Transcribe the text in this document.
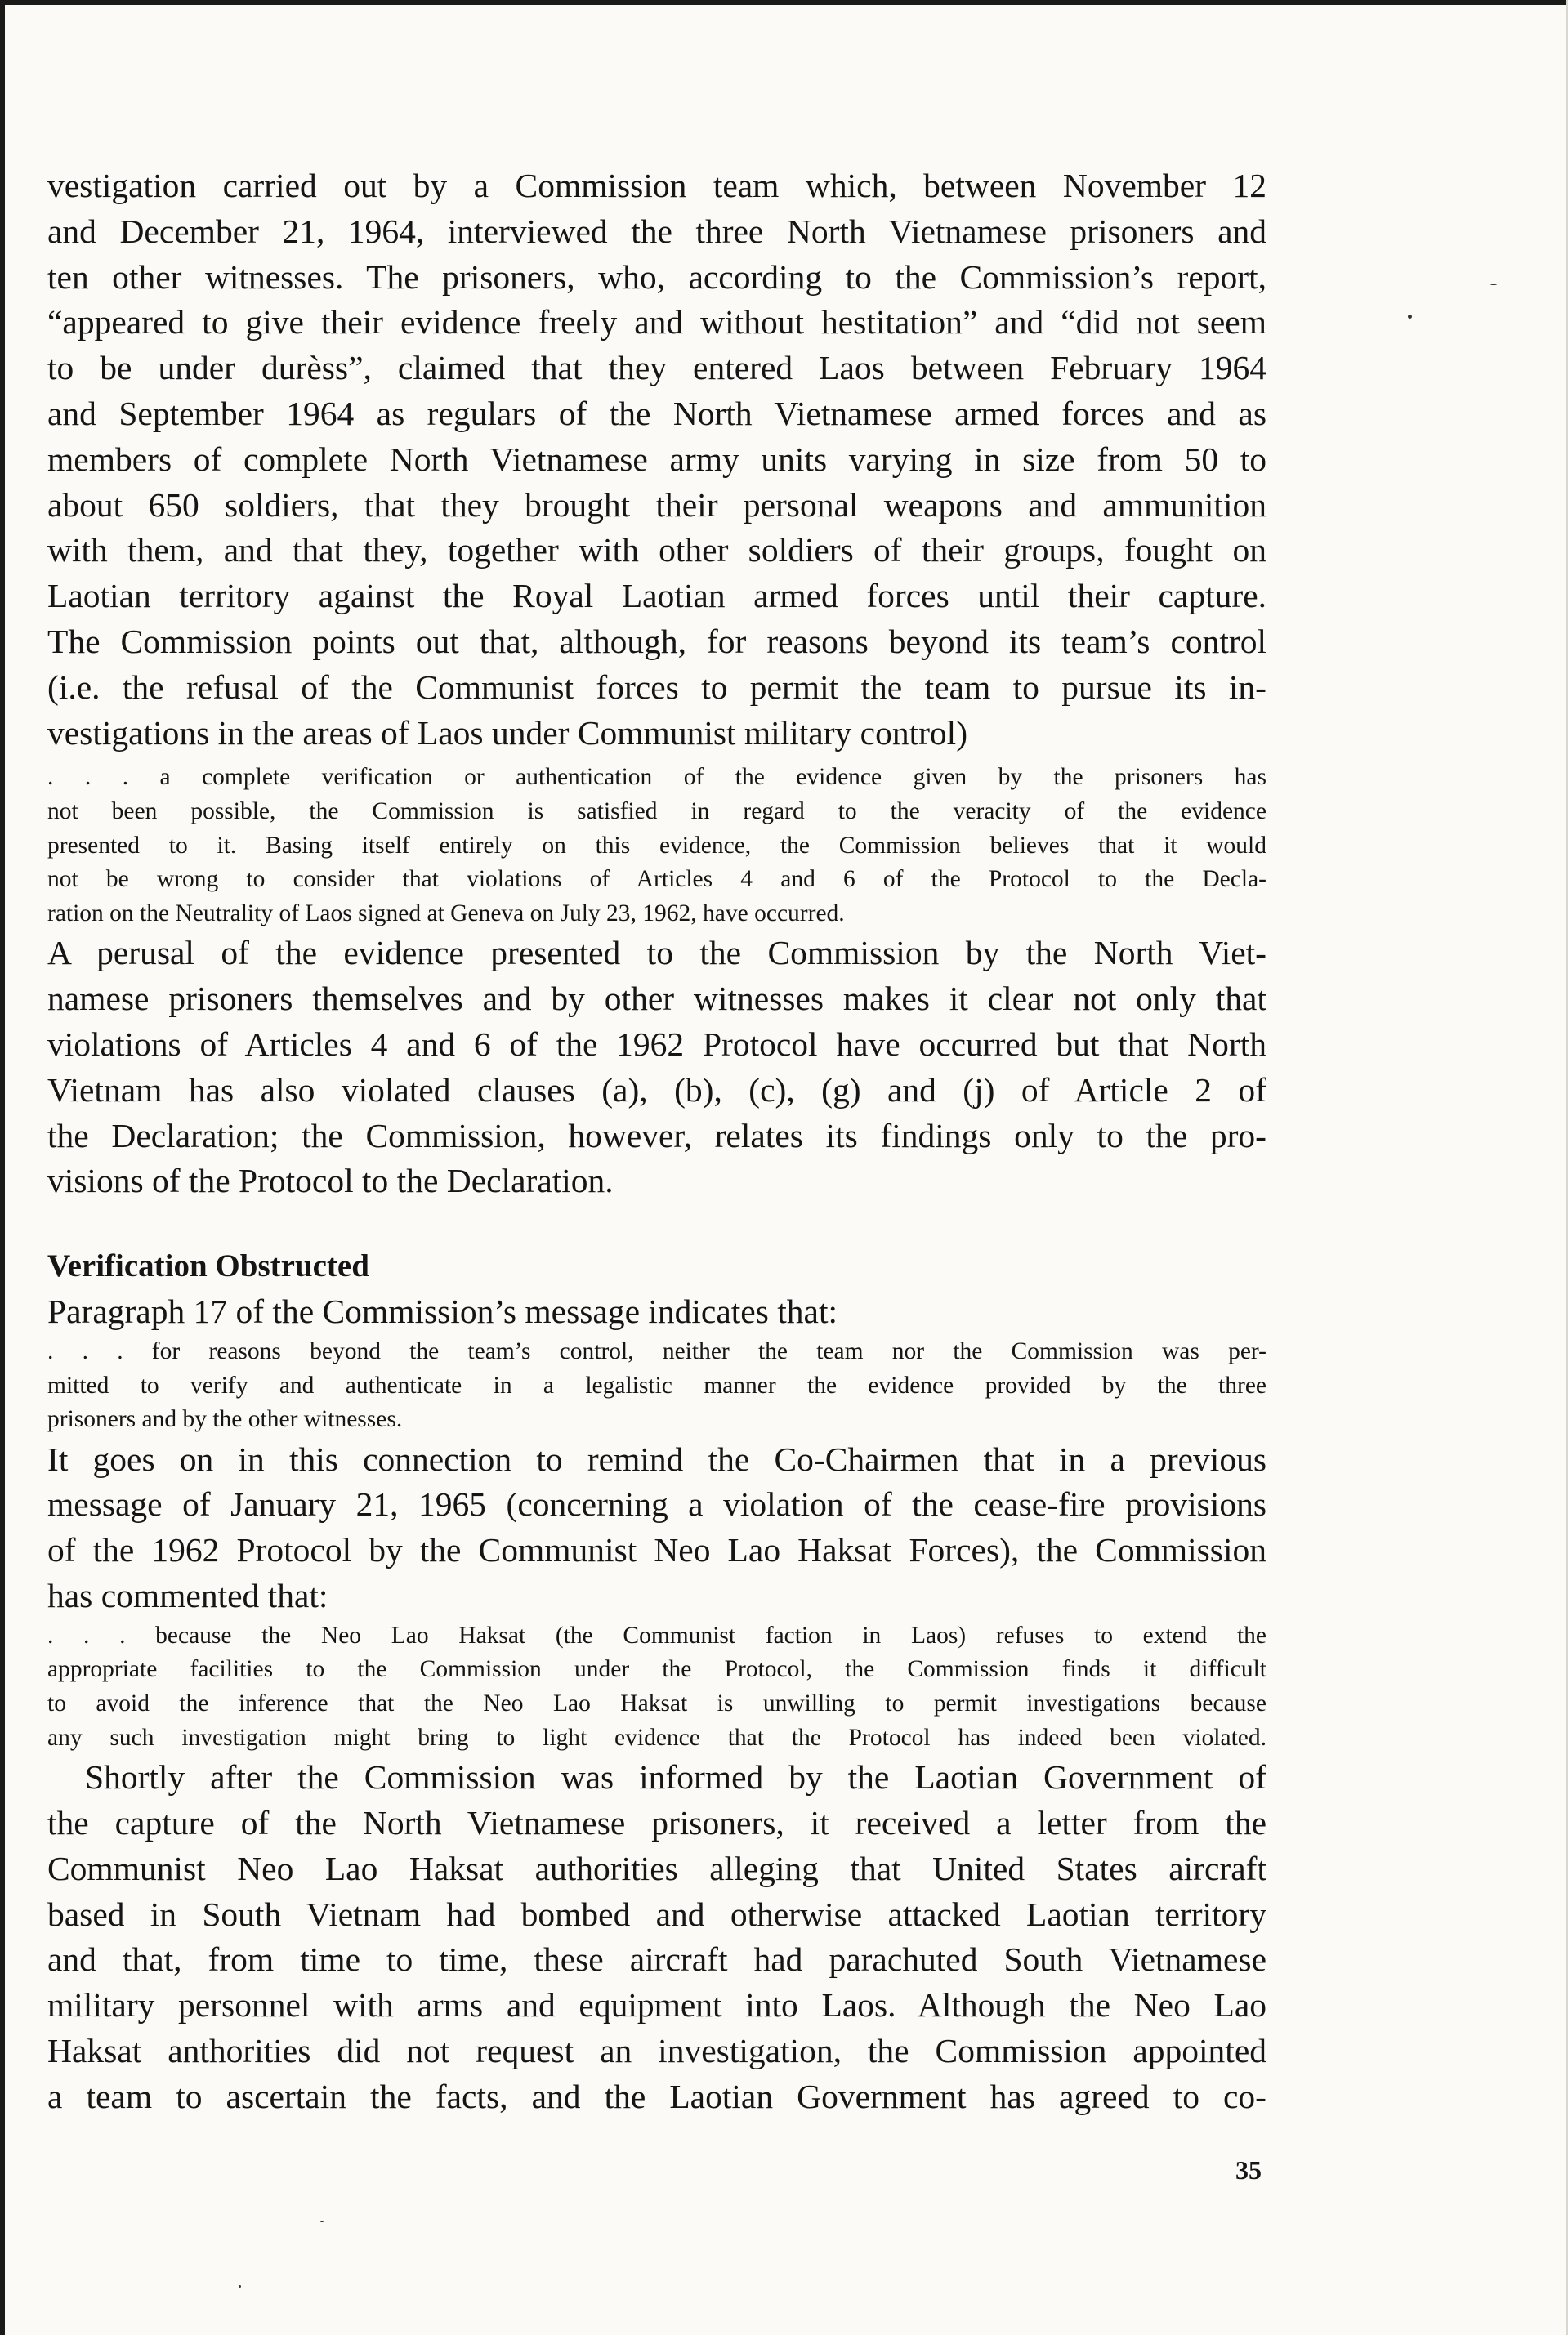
vestigation carried out by a Commission team which, between November 12
and December 21, 1964, interviewed the three North Vietnamese prisoners and
ten other witnesses. The prisoners, who, according to the Commission’s report,
“appeared to give their evidence freely and without hestitation” and “did not seem
to be under durèss”, claimed that they entered Laos between February 1964
and September 1964 as regulars of the North Vietnamese armed forces and as
members of complete North Vietnamese army units varying in size from 50 to
about 650 soldiers, that they brought their personal weapons and ammunition
with them, and that they, together with other soldiers of their groups, fought on
Laotian territory against the Royal Laotian armed forces until their capture.
The Commission points out that, although, for reasons beyond its team’s control
(i.e. the refusal of the Communist forces to permit the team to pursue its in-
vestigations in the areas of Laos under Communist military control)
. . . a complete verification or authentication of the evidence given by the prisoners has
not been possible, the Commission is satisfied in regard to the veracity of the evidence
presented to it. Basing itself entirely on this evidence, the Commission believes that it would
not be wrong to consider that violations of Articles 4 and 6 of the Protocol to the Decla-
ration on the Neutrality of Laos signed at Geneva on July 23, 1962, have occurred.
A perusal of the evidence presented to the Commission by the North Viet-
namese prisoners themselves and by other witnesses makes it clear not only that
violations of Articles 4 and 6 of the 1962 Protocol have occurred but that North
Vietnam has also violated clauses (a), (b), (c), (g) and (j) of Article 2 of
the Declaration; the Commission, however, relates its findings only to the pro-
visions of the Protocol to the Declaration.
Verification Obstructed
Paragraph 17 of the Commission’s message indicates that:
. . . for reasons beyond the team’s control, neither the team nor the Commission was per-
mitted to verify and authenticate in a legalistic manner the evidence provided by the three
prisoners and by the other witnesses.
It goes on in this connection to remind the Co-Chairmen that in a previous
message of January 21, 1965 (concerning a violation of the cease-fire provisions
of the 1962 Protocol by the Communist Neo Lao Haksat Forces), the Commission
has commented that:
. . . because the Neo Lao Haksat (the Communist faction in Laos) refuses to extend the
appropriate facilities to the Commission under the Protocol, the Commission finds it difficult
to avoid the inference that the Neo Lao Haksat is unwilling to permit investigations because
any such investigation might bring to light evidence that the Protocol has indeed been violated.
Shortly after the Commission was informed by the Laotian Government of
the capture of the North Vietnamese prisoners, it received a letter from the
Communist Neo Lao Haksat authorities alleging that United States aircraft
based in South Vietnam had bombed and otherwise attacked Laotian territory
and that, from time to time, these aircraft had parachuted South Vietnamese
military personnel with arms and equipment into Laos. Although the Neo Lao
Haksat anthorities did not request an investigation, the Commission appointed
a team to ascertain the facts, and the Laotian Government has agreed to co-
35
